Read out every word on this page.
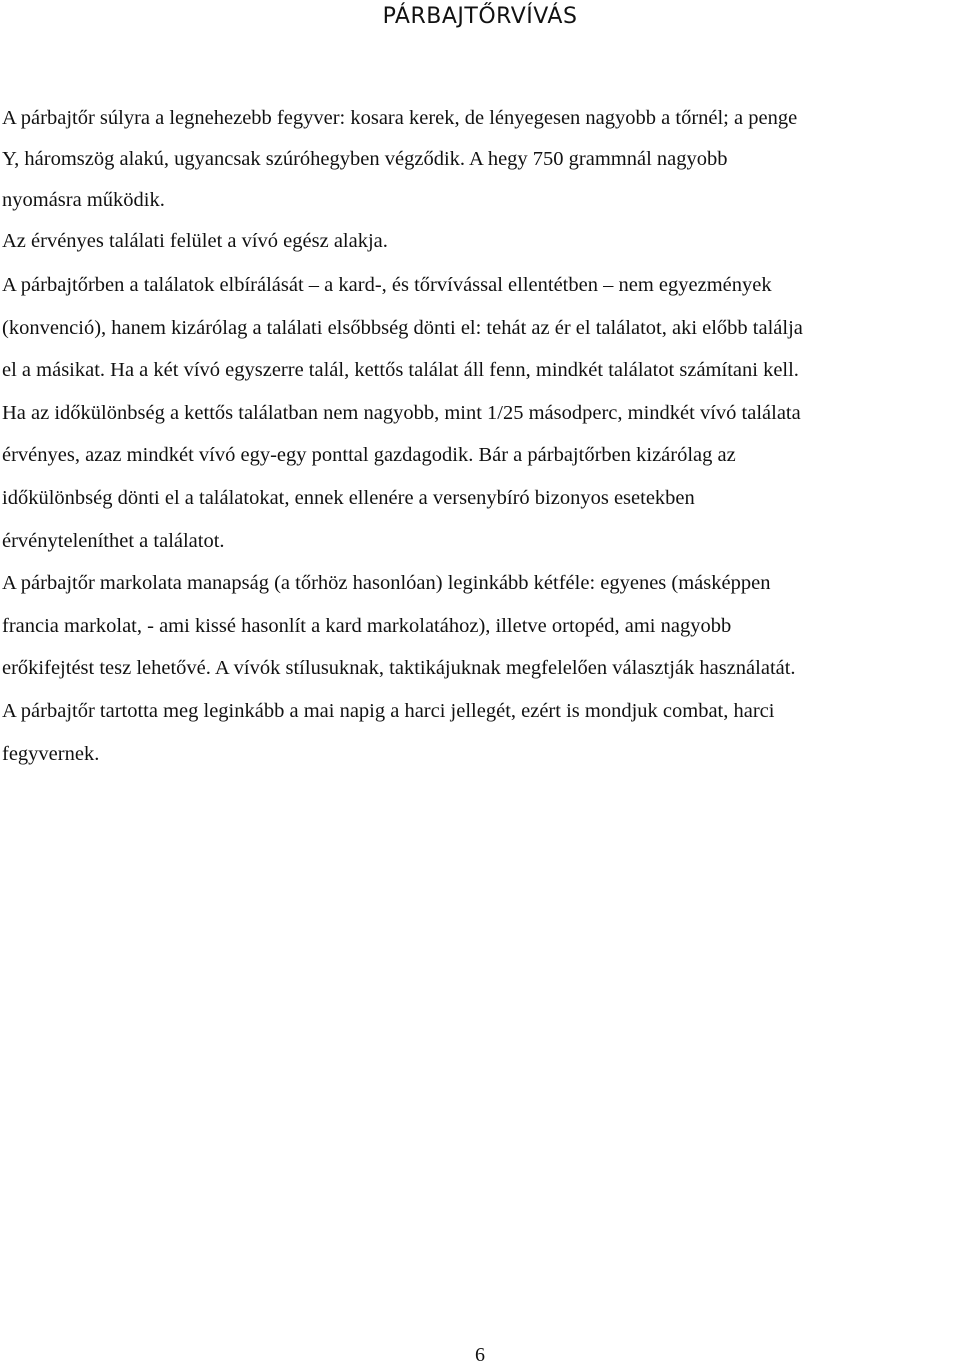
PÁRBAJTŐRVÍVÁS

A párbajtőr súlyra a legnehezebb fegyver: kosara kerek, de lényegesen nagyobb a tőrnél; a penge

Y, háromszög alakú, ugyancsak szúróhegyben végződik. A hegy 750 grammnál nagyobb

nyomásra működik.

Az érvényes találati felület a vívó egész alakja.

A párbajtőrben a találatok elbírálását – a kard-, és tőrvívással ellentétben – nem egyezmények

(konvenció), hanem kizárólag a találati elsőbbség dönti el: tehát az ér el találatot, aki előbb találja

el a másikat. Ha a két vívó egyszerre talál, kettős találat áll fenn, mindkét találatot számítani kell.

Ha az időkülönbség a kettős találatban nem nagyobb, mint 1/25 másodperc, mindkét vívó találata

érvényes, azaz mindkét vívó egy-egy ponttal gazdagodik. Bár a párbajtőrben kizárólag az

időkülönbség dönti el a találatokat, ennek ellenére a versenybíró bizonyos esetekben

érvényteleníthet a találatot.

A párbajtőr markolata manapság (a tőrhöz hasonlóan) leginkább kétféle: egyenes (másképpen

francia markolat, - ami kissé hasonlít a kard markolatához), illetve ortopéd, ami nagyobb

erőkifejtést tesz lehetővé. A vívók stílusuknak, taktikájuknak megfelelően választják használatát.

A párbajtőr tartotta meg leginkább a mai napig a harci jellegét, ezért is mondjuk combat, harci

fegyvernek.

6
